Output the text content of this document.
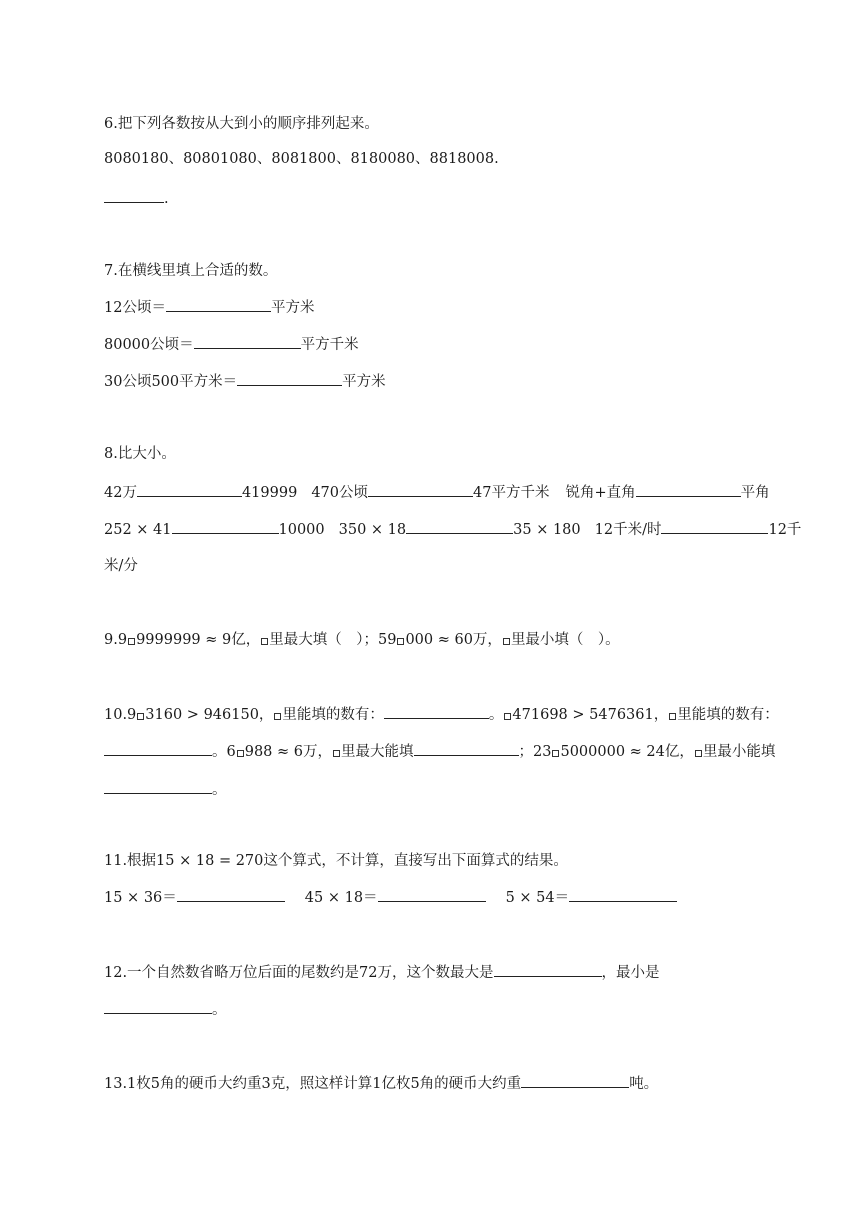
6.把下列各数按从大到小的顺序排列起来。
8080180、80801080、8081800、8180080、8818008.
.
7.在横线里填上合适的数。
12公顷＝	平方米
80000公顷＝	平方千米
30公顷500平方米＝	平方米
8.比大小。
42万	419999 470公顷	47平方千米 锐角+直角	平角
252 × 41	10000 350 × 18	35 × 180 12千米/时	12千
米/分
9.9 9999999 ≈ 9亿， 里最大填（　）；59 000 ≈ 60万， 里最小填（　）。
10.9 3160 > 946150， 里能填的数有：	。 471698 > 5476361， 里能填的数有：
。6 988 ≈ 6万， 里最大能填	；23 5000000 ≈ 24亿， 里最小能填
。
11.根据15 × 18 = 270这个算式，不计算，直接写出下面算式的结果。
15 × 36＝	45 × 18＝	5 × 54＝
12.一个自然数省略万位后面的尾数约是72万，这个数最大是	，最小是
。
13.1枚5角的硬币大约重3克，照这样计算1亿枚5角的硬币大约重	吨。
